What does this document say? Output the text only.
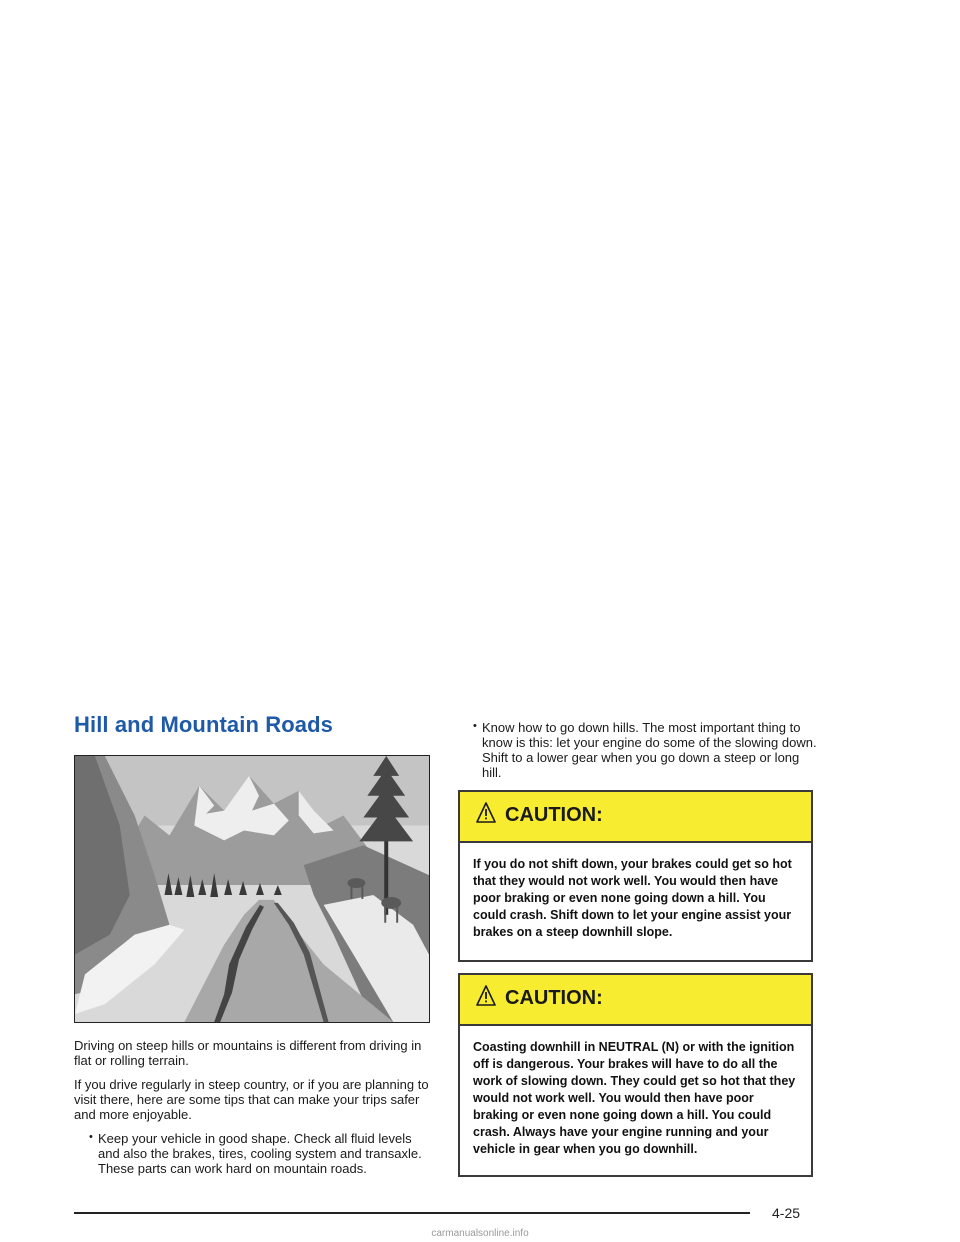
Hill and Mountain Roads

Driving on steep hills or mountains is different from driving in flat or rolling terrain.

If you drive regularly in steep country, or if you are planning to visit there, here are some tips that can make your trips safer and more enjoyable.

• Keep your vehicle in good shape. Check all fluid levels and also the brakes, tires, cooling system and transaxle. These parts can work hard on mountain roads.
• Know how to go down hills. The most important thing to know is this: let your engine do some of the slowing down. Shift to a lower gear when you go down a steep or long hill.
CAUTION:
If you do not shift down, your brakes could get so hot that they would not work well. You would then have poor braking or even none going down a hill. You could crash. Shift down to let your engine assist your brakes on a steep downhill slope.
CAUTION:
Coasting downhill in NEUTRAL (N) or with the ignition off is dangerous. Your brakes will have to do all the work of slowing down. They could get so hot that they would not work well. You would then have poor braking or even none going down a hill. You could crash. Always have your engine running and your vehicle in gear when you go downhill.
4-25
carmanualsonline.info
